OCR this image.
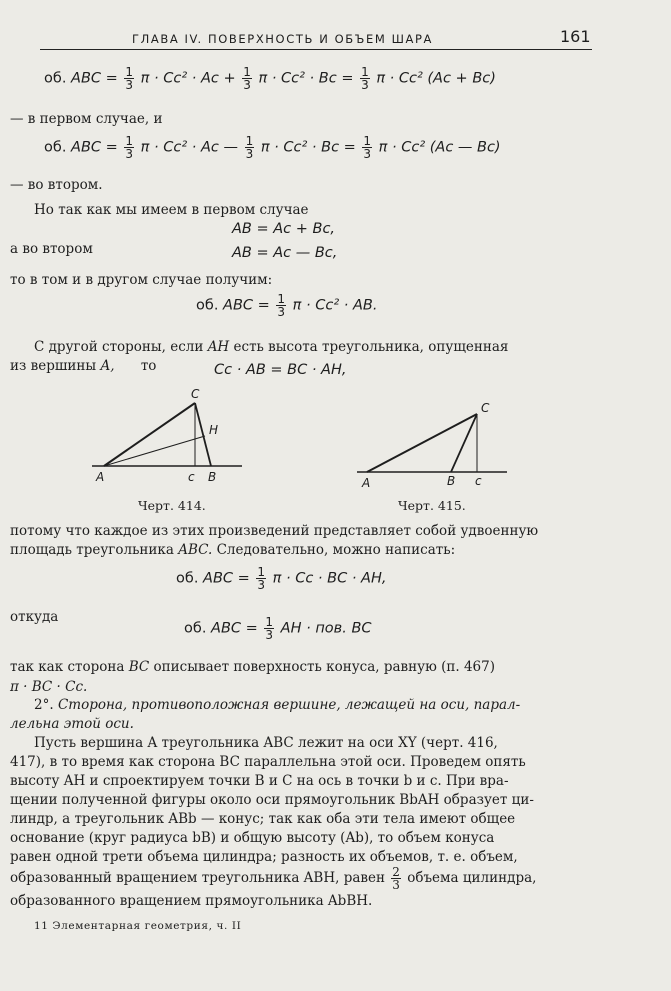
ГЛАВА IV. ПОВЕРХНОСТЬ И ОБЪЕМ ШАРА	161
об. ABC = $\frac{1}{3}$ $\pi \cdot Cc^2 \cdot Ac + \frac{1}{3}$ $\pi \cdot Cc^2 \cdot Bc = \frac{1}{3}$ π · Cc² (Ac + Bc)
— в первом случае, и
об. ABC = $\frac{1}{3}$ π · Cc² · Ac — $\frac{1}{3}$ $\pi \cdot Cc^2 \cdot Bc = \frac{1}{3}$ π · Cc² (Ac — Bc)
— во втором.
Но так как мы имеем в первом случае
AB = Ac + Bc,
а во втором	AB = Ac — Bc,
то в том и в другом случае получим:
об. ABC = $\frac{1}{3}$ π · Cc² · AB.
С другой стороны, если AH есть высота треугольника, опущенная
из вершины A, то	Cc · AB = BC · AH,
C
H
A	c B
Черт. 414.
C
A	B c
Черт. 415.
потому что каждое из этих произведений представляет собой удвоенную
площадь треугольника ABC. Следовательно, можно написать:
об. ABC = $\frac{1}{3}$ π · Cc · BC · AH,
откуда
об. ABC = $\frac{1}{3}$ AH · пов. BC
так как сторона BC описывает поверхность конуса, равную (п. 467)
π · BC · Cc.
2°. Сторона, противоположная вершине, лежащей на оси, парал-
лельна этой оси.
Пусть вершина A треугольника ABC лежит на оси XY (черт. 416,
417), в то время как сторона BC параллельна этой оси. Проведем опять
высоту AH и спроектируем точки B и C на ось в точки b и c. При вра-
щении полученной фигуры около оси прямоугольник BbAH образует ци-
линдр, а треугольник ABb — конус; так как оба эти тела имеют общее
основание (круг радиуса bB) и общую высоту (Ab), то объем конуса
равен одной трети объема цилиндра; разность их объемов, т. е. объем,
образованный вращением треугольника ABH, равен $\frac{2}{3}$ объема цилиндра,
образованного вращением прямоугольника AbBH.
11 Элементарная геометрия, ч. II
